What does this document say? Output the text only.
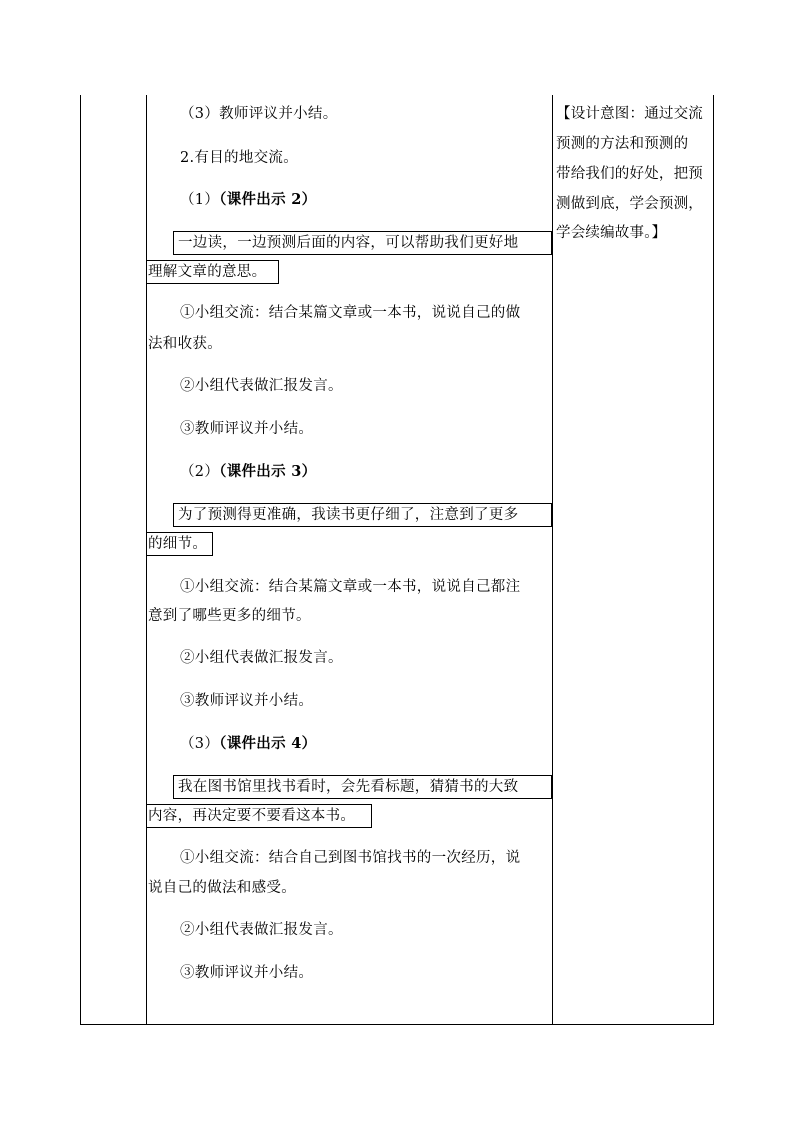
（3）教师评议并小结。
2.有目的地交流。
（1）（课件出示 2）
一边读，一边预测后面的内容，可以帮助我们更好地
理解文章的意思。
①小组交流：结合某篇文章或一本书，说说自己的做
法和收获。
②小组代表做汇报发言。
③教师评议并小结。
（2）（课件出示 3）
为了预测得更准确，我读书更仔细了，注意到了更多
的细节。
①小组交流：结合某篇文章或一本书，说说自己都注
意到了哪些更多的细节。
②小组代表做汇报发言。
③教师评议并小结。
（3）（课件出示 4）
我在图书馆里找书看时，会先看标题，猜猜书的大致
内容，再决定要不要看这本书。
①小组交流：结合自己到图书馆找书的一次经历，说
说自己的做法和感受。
②小组代表做汇报发言。
③教师评议并小结。
【设计意图：通过交流
预测的方法和预测的
带给我们的好处，把预
测做到底，学会预测，
学会续编故事。】
